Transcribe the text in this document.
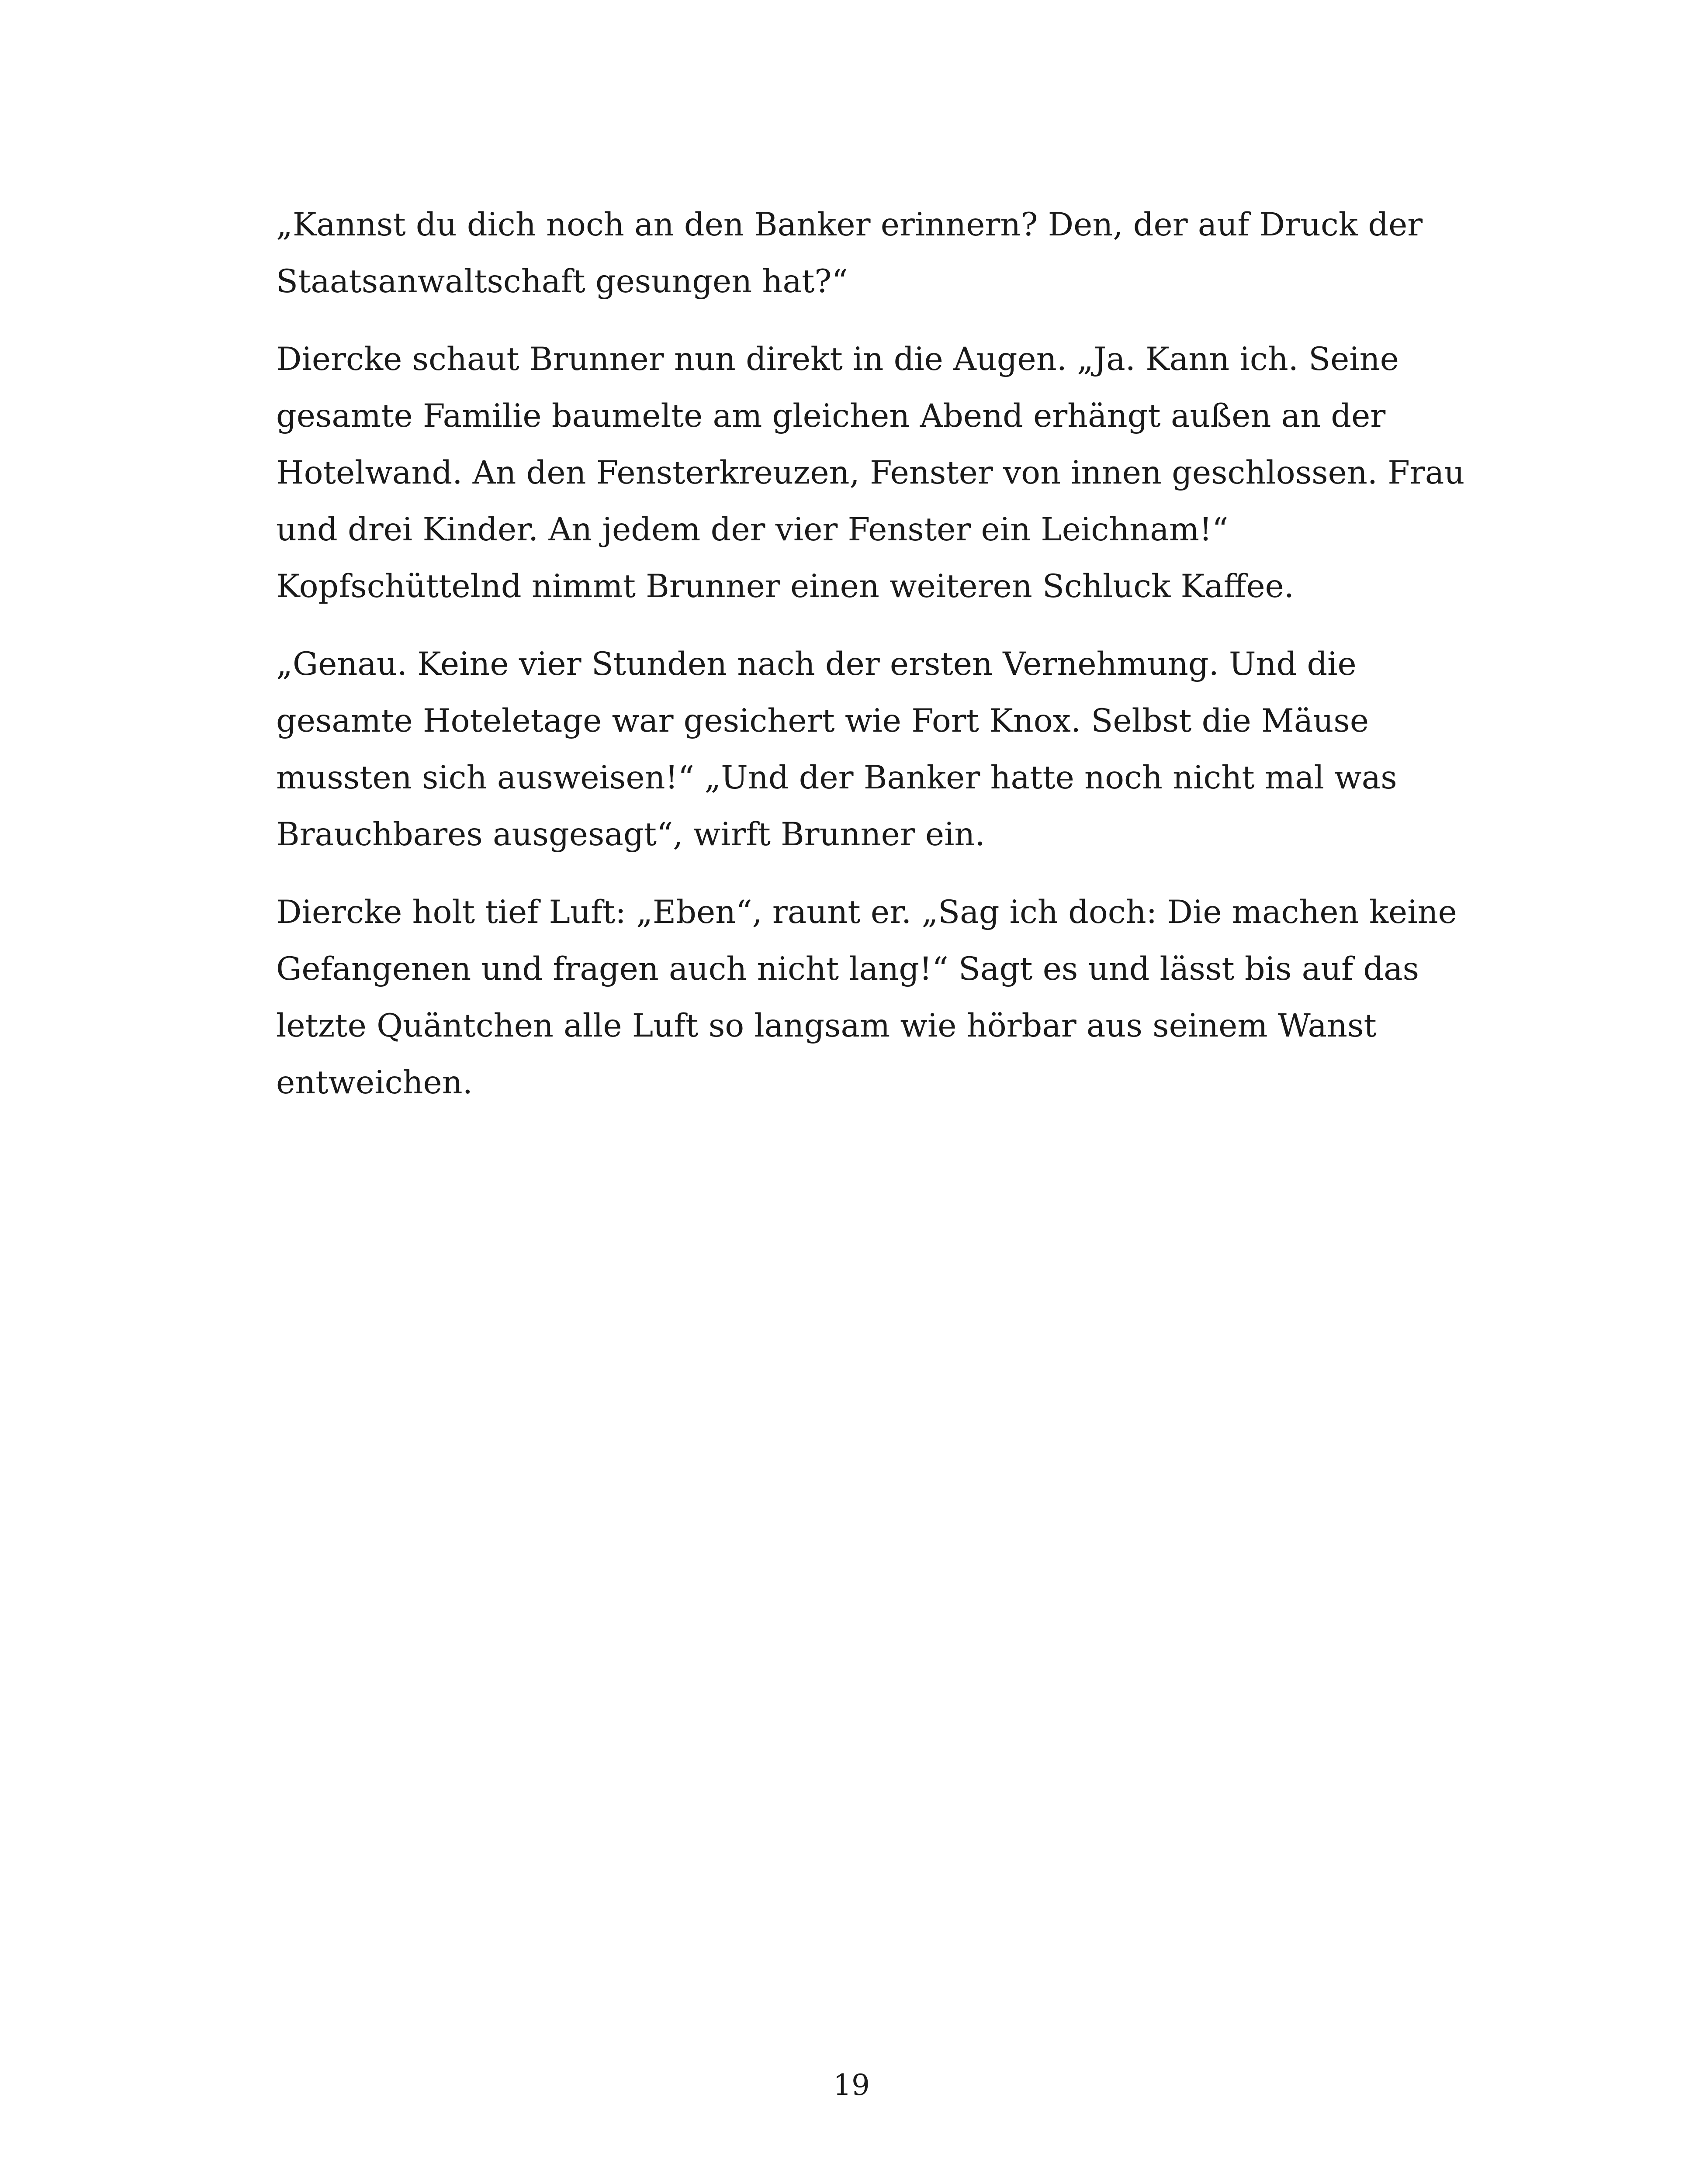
„Kannst du dich noch an den Banker erinnern? Den, der auf Druck der
Staatsanwaltschaft gesungen hat?“

Diercke schaut Brunner nun direkt in die Augen. „Ja. Kann ich. Seine
gesamte Familie baumelte am gleichen Abend erhängt außen an der
Hotelwand. An den Fensterkreuzen, Fenster von innen geschlossen. Frau
und drei Kinder. An jedem der vier Fenster ein Leichnam!“
Kopfschüttelnd nimmt Brunner einen weiteren Schluck Kaffee.

„Genau. Keine vier Stunden nach der ersten Vernehmung. Und die
gesamte Hoteletage war gesichert wie Fort Knox. Selbst die Mäuse
mussten sich ausweisen!“ „Und der Banker hatte noch nicht mal was
Brauchbares ausgesagt“, wirft Brunner ein.

Diercke holt tief Luft: „Eben“, raunt er. „Sag ich doch: Die machen keine
Gefangenen und fragen auch nicht lang!“ Sagt es und lässt bis auf das
letzte Quäntchen alle Luft so langsam wie hörbar aus seinem Wanst
entweichen.

19
